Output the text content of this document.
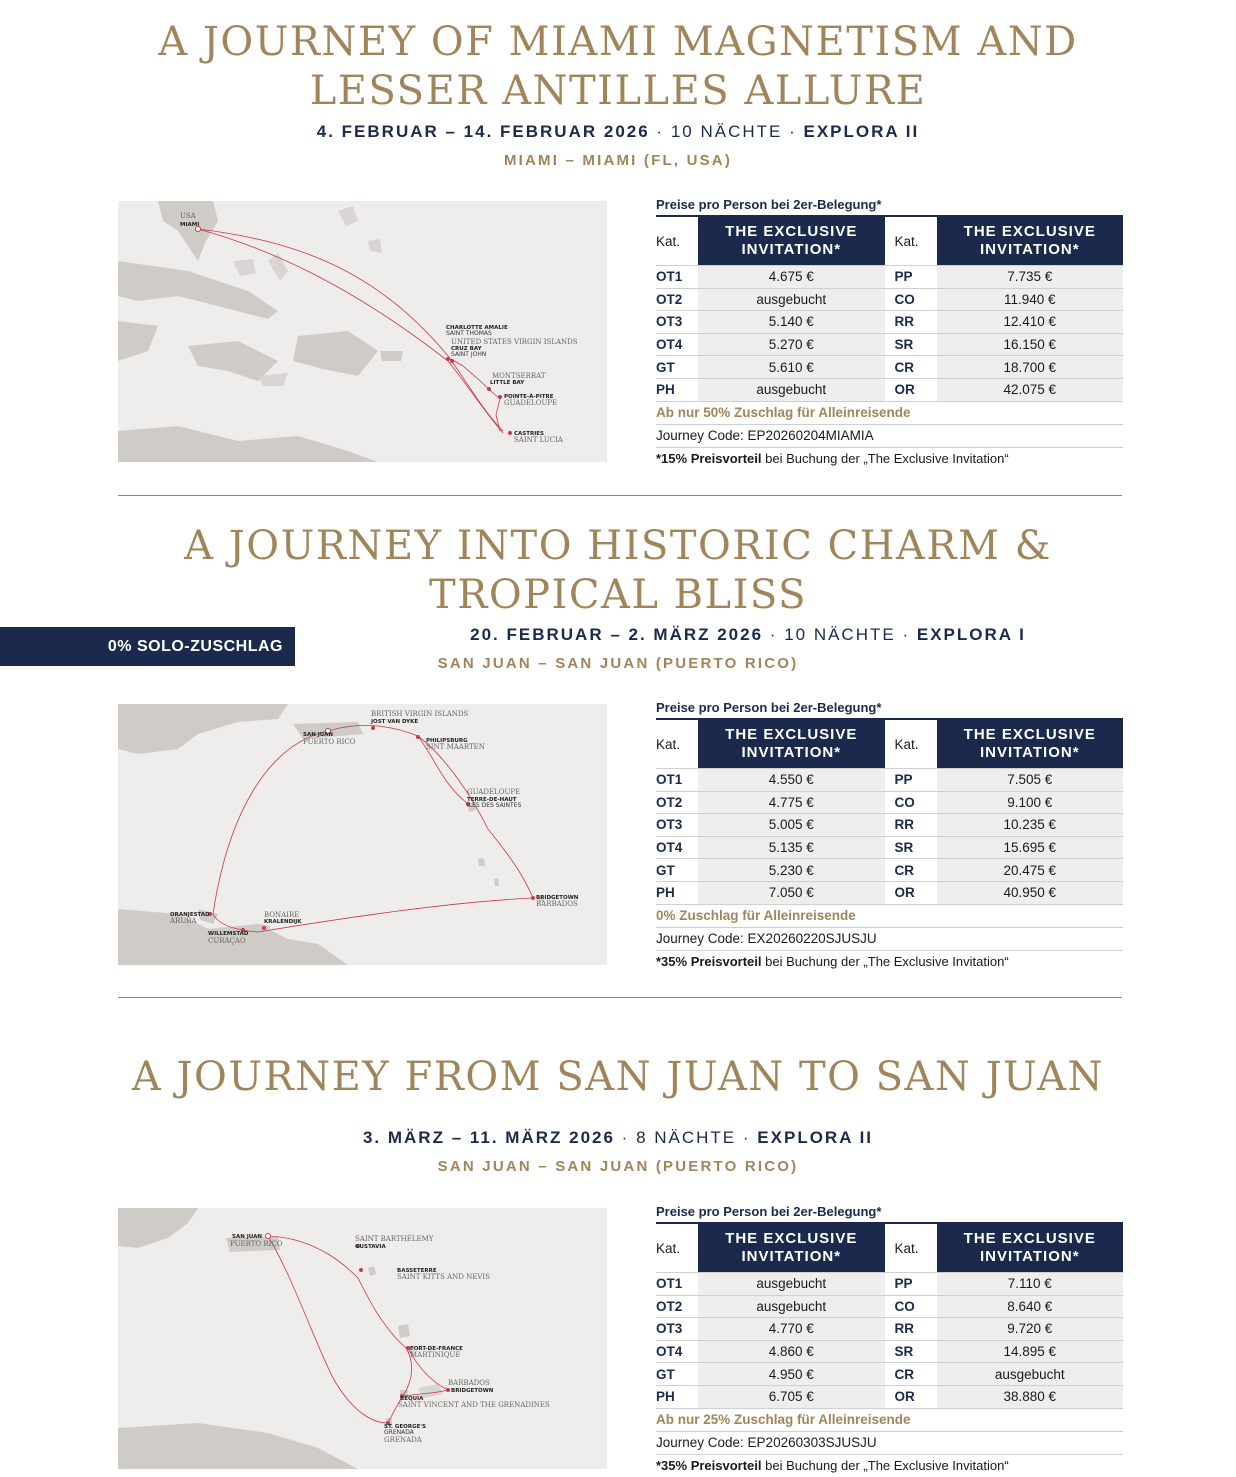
A JOURNEY OF MIAMI MAGNETISM AND
LESSER ANTILLES ALLURE
4. FEBRUAR – 14. FEBRUAR 2026 · 10 NÄCHTE · EXPLORA II
MIAMI – MIAMI (FL, USA)
USA
MIAMI
CHARLOTTE AMALIE
SAINT THOMAS
UNITED STATES VIRGIN ISLANDS
CRUZ BAY
SAINT JOHN
MONTSERRAT
LITTLE BAY
POINTE-À-PITRE
GUADELOUPE
CASTRIES
SAINT LUCIA
Preise pro Person bei 2er-Belegung*
Kat.	THE EXCLUSIVE
INVITATION*	Kat.	THE EXCLUSIVE
INVITATION*
OT1	4.675 €	PP	7.735 €
OT2	ausgebucht	CO	11.940 €
OT3	5.140 €	RR	12.410 €
OT4	5.270 €	SR	16.150 €
GT	5.610 €	CR	18.700 €
PH	ausgebucht	OR	42.075 €
Ab nur 50% Zuschlag für Alleinreisende
Journey Code: EP20260204MIAMIA
*15% Preisvorteil bei Buchung der „The Exclusive Invitation“
A JOURNEY INTO HISTORIC CHARM &
TROPICAL BLISS
0% SOLO-ZUSCHLAG
20. FEBRUAR – 2. MÄRZ 2026 · 10 NÄCHTE · EXPLORA I
SAN JUAN – SAN JUAN (PUERTO RICO)
BRITISH VIRGIN ISLANDS
JOST VAN DYKE
SAN JUAN
PUERTO RICO	PHILIPSBURG
SINT MAARTEN
GUADELOUPE
TERRE-DE-HAUT
ILES DES SAINTES
BRIDGETOWN
BARBADOS
ORANJESTAD
ARUBA
BONAIRE
KRALENDIJK
WILLEMSTAD
CURAÇAO
Preise pro Person bei 2er-Belegung*
Kat.	THE EXCLUSIVE
INVITATION*	Kat.	THE EXCLUSIVE
INVITATION*
OT1	4.550 €	PP	7.505 €
OT2	4.775 €	CO	9.100 €
OT3	5.005 €	RR	10.235 €
OT4	5.135 €	SR	15.695 €
GT	5.230 €	CR	20.475 €
PH	7.050 €	OR	40.950 €
0% Zuschlag für Alleinreisende
Journey Code: EX20260220SJUSJU
*35% Preisvorteil bei Buchung der „The Exclusive Invitation“
A JOURNEY FROM SAN JUAN TO SAN JUAN
3. MÄRZ – 11. MÄRZ 2026 · 8 NÄCHTE · EXPLORA II
SAN JUAN – SAN JUAN (PUERTO RICO)
SAN JUAN
PUERTO RICO
SAINT BARTHÉLEMY
GUSTAVIA
BASSETERRE
SAINT KITTS AND NEVIS
FORT-DE-FRANCE
MARTINIQUE
BARBADOS
BRIDGETOWN
BEQUIA
SAINT VINCENT AND THE GRENADINES
ST. GEORGE'S
GRENADA
GRENADA
Preise pro Person bei 2er-Belegung*
Kat.	THE EXCLUSIVE
INVITATION*	Kat.	THE EXCLUSIVE
INVITATION*
OT1	ausgebucht	PP	7.110 €
OT2	ausgebucht	CO	8.640 €
OT3	4.770 €	RR	9.720 €
OT4	4.860 €	SR	14.895 €
GT	4.950 €	CR	ausgebucht
PH	6.705 €	OR	38.880 €
Ab nur 25% Zuschlag für Alleinreisende
Journey Code: EP20260303SJUSJU
*35% Preisvorteil bei Buchung der „The Exclusive Invitation“
